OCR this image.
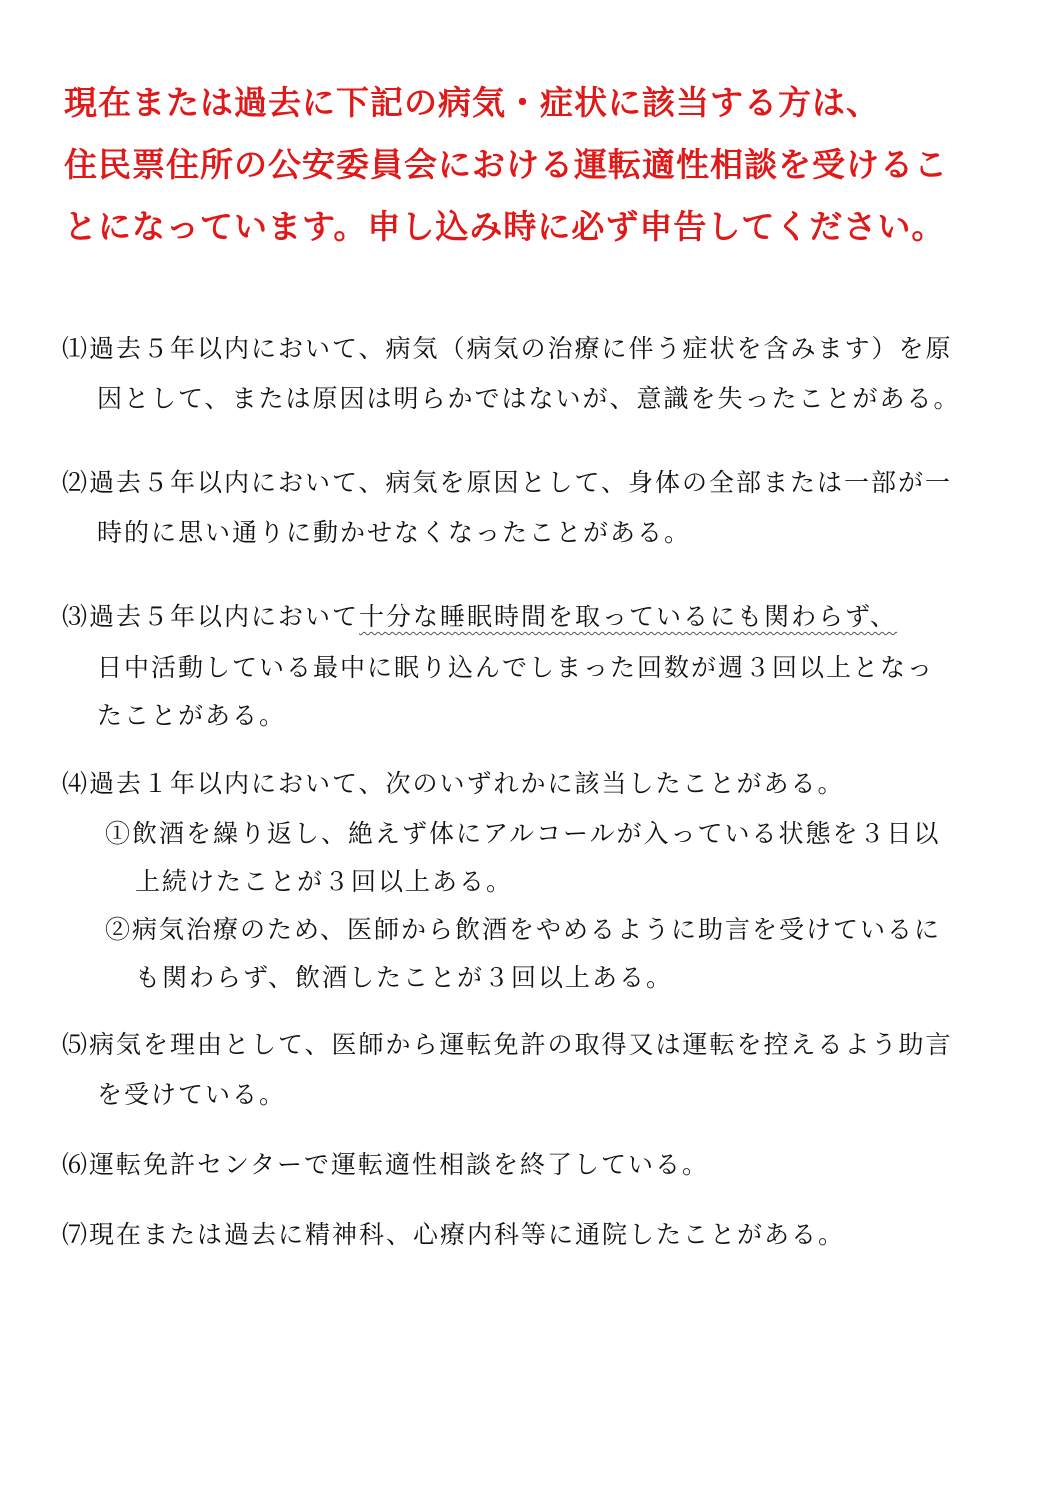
現在または過去に下記の病気・症状に該当する方は、
住民票住所の公安委員会における運転適性相談を受けるこ
とになっています。申し込み時に必ず申告してください。
⑴過去５年以内において、病気（病気の治療に伴う症状を含みます）を原
因として、または原因は明らかではないが、意識を失ったことがある。
⑵過去５年以内において、病気を原因として、身体の全部または一部が一
時的に思い通りに動かせなくなったことがある。
⑶過去５年以内において十分な睡眠時間を取っているにも関わらず、
日中活動している最中に眠り込んでしまった回数が週３回以上となっ
たことがある。
⑷過去１年以内において、次のいずれかに該当したことがある。
①飲酒を繰り返し、絶えず体にアルコールが入っている状態を３日以
上続けたことが３回以上ある。
②病気治療のため、医師から飲酒をやめるように助言を受けているに
も関わらず、飲酒したことが３回以上ある。
⑸病気を理由として、医師から運転免許の取得又は運転を控えるよう助言
を受けている。
⑹運転免許センターで運転適性相談を終了している。
⑺現在または過去に精神科、心療内科等に通院したことがある。
